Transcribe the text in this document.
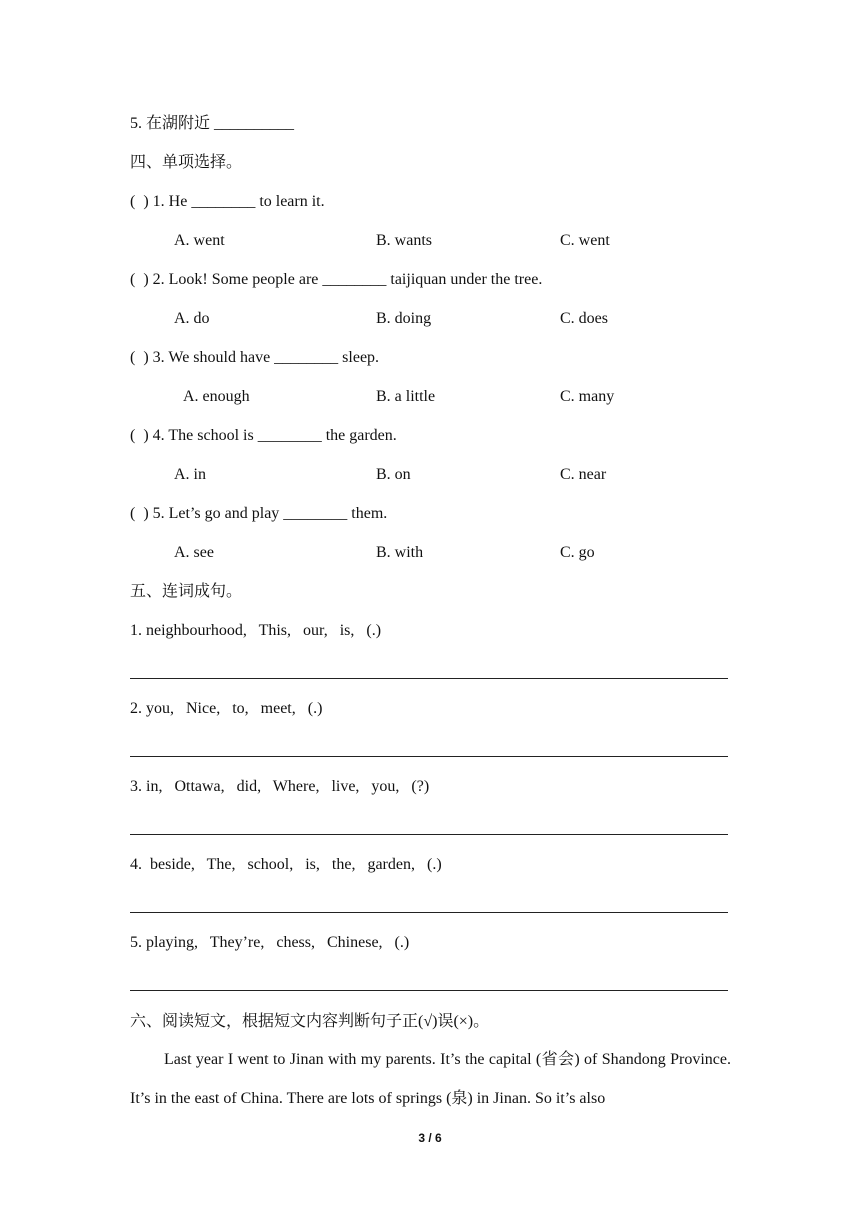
5. 在湖附近 __________
四、单项选择。
(  ) 1. He ________ to learn it.
A. went	B. wants	C. went
(  ) 2. Look! Some people are ________ taijiquan under the tree.
A. do	B. doing	C. does
(  ) 3. We should have ________ sleep.
A. enough	B. a little	C. many
(  ) 4. The school is ________ the garden.
A. in	B. on	C. near
(  ) 5. Let’s go and play ________ them.
A. see	B. with	C. go
五、连词成句。
1. neighbourhood,   This,   our,   is,   (.)
2. you,   Nice,   to,   meet,   (.)
3. in,   Ottawa,   did,   Where,   live,   you,   (?)
4.  beside,   The,   school,   is,   the,   garden,   (.)
5. playing,   They’re,   chess,   Chinese,   (.)
六、阅读短文，根据短文内容判断句子正(√)误(×)。

Last year I went to Jinan with my parents. It’s the capital (省会) of Shandong Province. It’s in the east of China. There are lots of springs (泉) in Jinan. So it’s also

3 / 6
